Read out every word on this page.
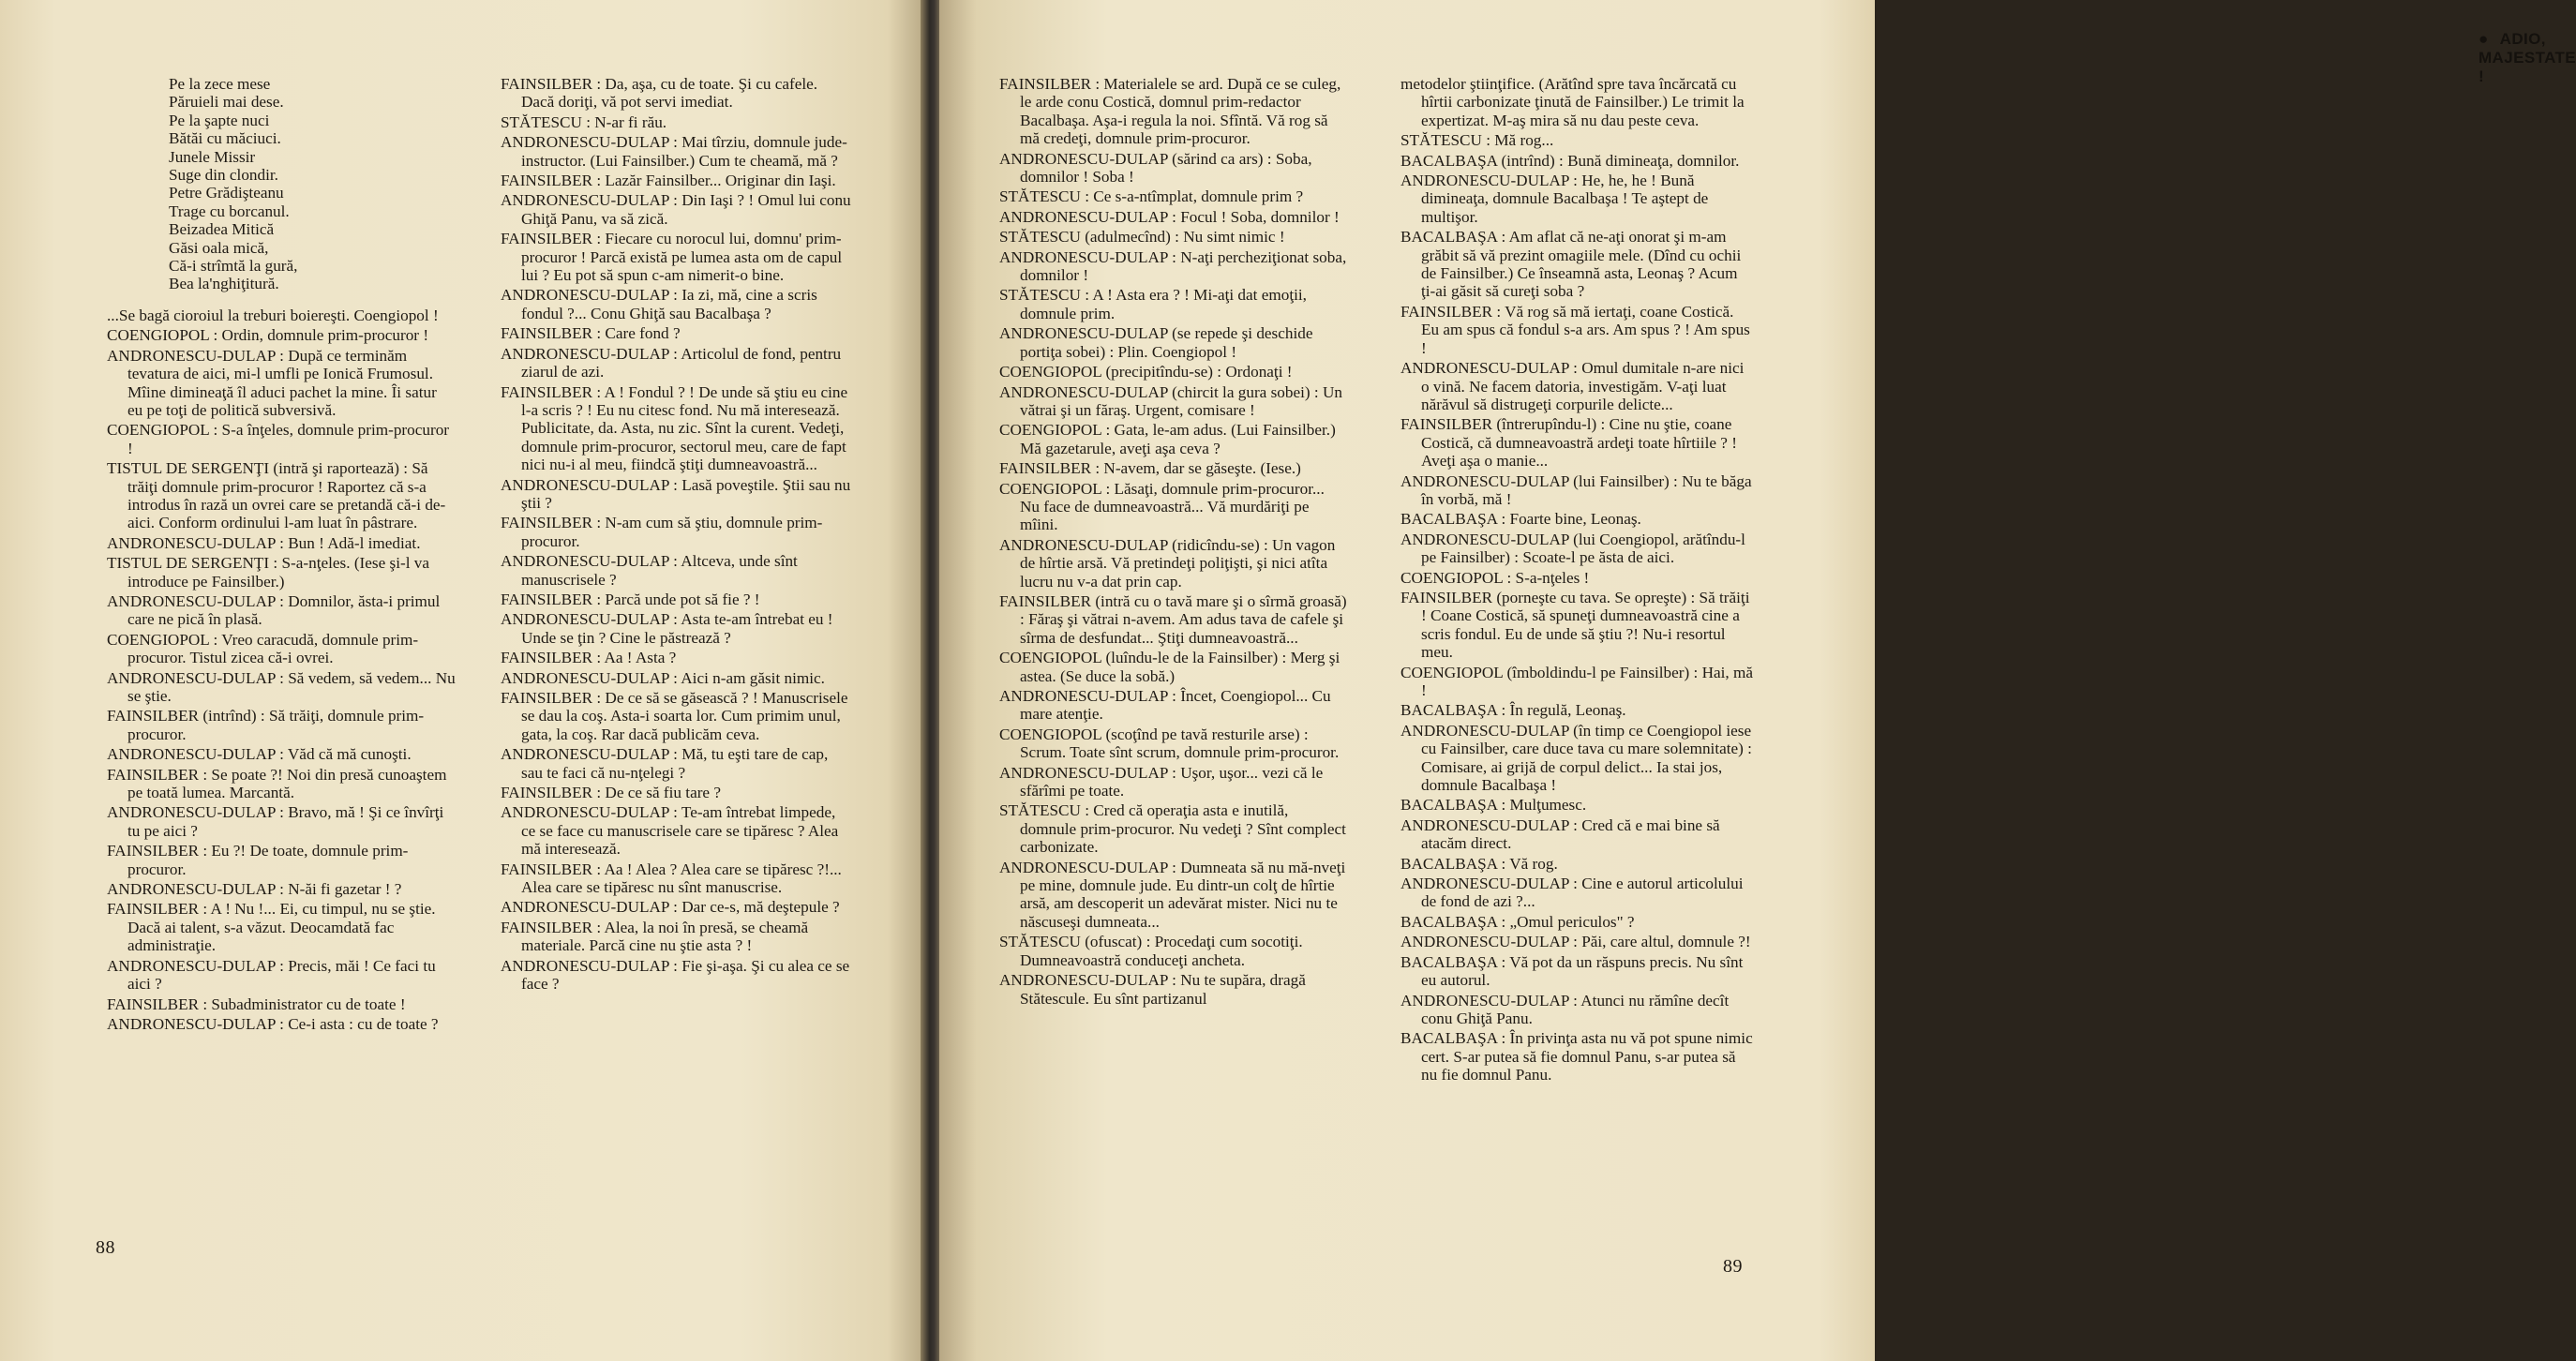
Pe la zece mese

Păruieli mai dese.

Pe la şapte nuci

Bătăi cu măciuci.

Junele Missir

Suge din clondir.

Petre Grădişteanu

Trage cu borcanul.

Beizadea Mitică

Găsi oala mică,

Că-i strîmtă la gură,

Bea la'nghiţitură.

...Se bagă cioroiul la treburi boiereşti. Coengiopol !

COENGIOPOL : Ordin, domnule prim-procuror !

ANDRONESCU-DULAP : După ce terminăm tevatura de aici, mi-l umfli pe Ionică Frumosul. Mîine dimineaţă îl aduci pachet la mine. Îi satur eu pe toţi de politică subversivă.

COENGIOPOL : S-a înţeles, domnule prim-procuror !

TISTUL DE SERGENŢI (intră şi raportează) : Să trăiţi domnule prim-procuror ! Raportez că s-a introdus în rază un ovrei care se pretandă că-i de-aici. Conform ordinului l-am luat în pâstrare.

ANDRONESCU-DULAP : Bun ! Adă-l imediat.

TISTUL DE SERGENŢI : S-a-nţeles. (Iese şi-l va introduce pe Fainsilber.)

ANDRONESCU-DULAP : Domnilor, ăsta-i primul care ne pică în plasă.

COENGIOPOL : Vreo caracudă, domnule prim-procuror. Tistul zicea că-i ovrei.

ANDRONESCU-DULAP : Să vedem, să vedem... Nu se ştie.

FAINSILBER (intrînd) : Să trăiţi, domnule prim-procuror.

ANDRONESCU-DULAP : Văd că mă cunoşti.

FAINSILBER : Se poate ?! Noi din presă cunoaştem pe toată lumea. Marcantă.

ANDRONESCU-DULAP : Bravo, mă ! Şi ce învîrţi tu pe aici ?

FAINSILBER : Eu ?! De toate, domnule prim-procuror.

ANDRONESCU-DULAP : N-ăi fi gazetar ! ?

FAINSILBER : A ! Nu !... Ei, cu timpul, nu se ştie. Dacă ai talent, s-a văzut. Deocamdată fac administraţie.

ANDRONESCU-DULAP : Precis, măi ! Ce faci tu aici ?

FAINSILBER : Subadministrator cu de toate !

ANDRONESCU-DULAP : Ce-i asta : cu de toate ?

FAINSILBER : Da, aşa, cu de toate. Şi cu cafele. Dacă doriţi, vă pot servi imediat.

STĂTESCU : N-ar fi rău.

ANDRONESCU-DULAP : Mai tîrziu, domnule jude-instructor. (Lui Fainsilber.) Cum te cheamă, mă ?

FAINSILBER : Lazăr Fainsilber... Originar din Iaşi.

ANDRONESCU-DULAP : Din Iaşi ? ! Omul lui conu Ghiţă Panu, va să zică.

FAINSILBER : Fiecare cu norocul lui, domnu' prim-procuror ! Parcă există pe lumea asta om de capul lui ? Eu pot să spun c-am nimerit-o bine.

ANDRONESCU-DULAP : Ia zi, mă, cine a scris fondul ?... Conu Ghiţă sau Bacalbaşa ?

FAINSILBER : Care fond ?

ANDRONESCU-DULAP : Articolul de fond, pentru ziarul de azi.

FAINSILBER : A ! Fondul ? ! De unde să ştiu eu cine l-a scris ? ! Eu nu citesc fond. Nu mă interesează. Publicitate, da. Asta, nu zic. Sînt la curent. Vedeţi, domnule prim-procuror, sectorul meu, care de fapt nici nu-i al meu, fiindcă ştiţi dumneavoastră...

ANDRONESCU-DULAP : Lasă poveştile. Ştii sau nu ştii ?

FAINSILBER : N-am cum să ştiu, domnule prim-procuror.

ANDRONESCU-DULAP : Altceva, unde sînt manuscrisele ?

FAINSILBER : Parcă unde pot să fie ? !

ANDRONESCU-DULAP : Asta te-am întrebat eu ! Unde se ţin ? Cine le păstrează ?

FAINSILBER : Aa ! Asta ?

ANDRONESCU-DULAP : Aici n-am găsit nimic.

FAINSILBER : De ce să se găsească ? ! Manuscrisele se dau la coş. Asta-i soarta lor. Cum primim unul, gata, la coş. Rar dacă publicăm ceva.

ANDRONESCU-DULAP : Mă, tu eşti tare de cap, sau te faci că nu-nţelegi ?

FAINSILBER : De ce să fiu tare ?

ANDRONESCU-DULAP : Te-am întrebat limpede, ce se face cu manuscrisele care se tipăresc ? Alea mă interesează.

FAINSILBER : Aa ! Alea ? Alea care se tipăresc ?!... Alea care se tipăresc nu sînt manuscrise.

ANDRONESCU-DULAP : Dar ce-s, mă deştepule ?

FAINSILBER : Alea, la noi în presă, se cheamă materiale. Parcă cine nu ştie asta ? !

ANDRONESCU-DULAP : Fie şi-aşa. Şi cu alea ce se face ?

88
● ADIO, MAJESTATE !

FAINSILBER : Materialele se ard. După ce se culeg, le arde conu Costică, domnul prim-redactor Bacalbaşa. Aşa-i regula la noi. Sfîntă. Vă rog să mă credeţi, domnule prim-procuror.

ANDRONESCU-DULAP (sărind ca ars) : Soba, domnilor ! Soba !

STĂTESCU : Ce s-a-ntîmplat, domnule prim ?

ANDRONESCU-DULAP : Focul ! Soba, domnilor !

STĂTESCU (adulmecînd) : Nu simt nimic !

ANDRONESCU-DULAP : N-aţi percheziţionat soba, domnilor !

STĂTESCU : A ! Asta era ? ! Mi-aţi dat emoţii, domnule prim.

ANDRONESCU-DULAP (se repede şi deschide portiţa sobei) : Plin. Coengiopol !

COENGIOPOL (precipitîndu-se) : Ordonaţi !

ANDRONESCU-DULAP (chircit la gura sobei) : Un vătrai şi un făraş. Urgent, comisare !

COENGIOPOL : Gata, le-am adus. (Lui Fainsilber.) Mă gazetarule, aveţi aşa ceva ?

FAINSILBER : N-avem, dar se găseşte. (Iese.)

COENGIOPOL : Lăsaţi, domnule prim-procuror... Nu face de dumneavoastră... Vă murdăriţi pe mîini.

ANDRONESCU-DULAP (ridicîndu-se) : Un vagon de hîrtie arsă. Vă pretindeţi poliţişti, şi nici atîta lucru nu v-a dat prin cap.

FAINSILBER (intră cu o tavă mare şi o sîrmă groasă) : Făraş şi vătrai n-avem. Am adus tava de cafele şi sîrma de desfundat... Ştiţi dumneavoastră...

COENGIOPOL (luîndu-le de la Fainsilber) : Merg şi astea. (Se duce la sobă.)

ANDRONESCU-DULAP : Încet, Coengiopol... Cu mare atenţie.

COENGIOPOL (scoţînd pe tavă resturile arse) : Scrum. Toate sînt scrum, domnule prim-procuror.

ANDRONESCU-DULAP : Uşor, uşor... vezi că le sfărîmi pe toate.

STĂTESCU : Cred că operaţia asta e inutilă, domnule prim-procuror. Nu vedeţi ? Sînt complect carbonizate.

ANDRONESCU-DULAP : Dumneata să nu mă-nveţi pe mine, domnule jude. Eu dintr-un colţ de hîrtie arsă, am descoperit un adevărat mister. Nici nu te născuseşi dumneata...

STĂTESCU (ofuscat) : Procedaţi cum socotiţi. Dumneavoastră conduceţi ancheta.

ANDRONESCU-DULAP : Nu te supăra, dragă Stătescule. Eu sînt partizanul

metodelor ştiinţifice. (Arătînd spre tava încărcată cu hîrtii carbonizate ţinută de Fainsilber.) Le trimit la expertizat. M-aş mira să nu dau peste ceva.

STĂTESCU : Mă rog...

BACALBAŞA (intrînd) : Bună dimineaţa, domnilor.

ANDRONESCU-DULAP : He, he, he ! Bună dimineaţa, domnule Bacalbaşa ! Te aştept de multişor.

BACALBAŞA : Am aflat că ne-aţi onorat şi m-am grăbit să vă prezint omagiile mele. (Dînd cu ochii de Fainsilber.) Ce înseamnă asta, Leonaş ? Acum ţi-ai găsit să cureţi soba ?

FAINSILBER : Vă rog să mă iertaţi, coane Costică. Eu am spus că fondul s-a ars. Am spus ? ! Am spus !

ANDRONESCU-DULAP : Omul dumitale n-are nici o vină. Ne facem datoria, investigăm. V-aţi luat nărăvul să distrugeţi corpurile delicte...

FAINSILBER (întrerupîndu-l) : Cine nu ştie, coane Costică, că dumneavoastră ardeţi toate hîrtiile ? ! Aveţi aşa o manie...

ANDRONESCU-DULAP (lui Fainsilber) : Nu te băga în vorbă, mă !

BACALBAŞA : Foarte bine, Leonaş.

ANDRONESCU-DULAP (lui Coengiopol, arătîndu-l pe Fainsilber) : Scoate-l pe ăsta de aici.

COENGIOPOL : S-a-nţeles !

FAINSILBER (porneşte cu tava. Se opreşte) : Să trăiţi ! Coane Costică, să spuneţi dumneavoastră cine a scris fondul. Eu de unde să ştiu ?! Nu-i resortul meu.

COENGIOPOL (îmboldindu-l pe Fainsilber) : Hai, mă !

BACALBAŞA : În regulă, Leonaş.

ANDRONESCU-DULAP (în timp ce Coengiopol iese cu Fainsilber, care duce tava cu mare solemnitate) : Comisare, ai grijă de corpul delict... Ia stai jos, domnule Bacalbaşa !

BACALBAŞA : Mulţumesc.

ANDRONESCU-DULAP : Cred că e mai bine să atacăm direct.

BACALBAŞA : Vă rog.

ANDRONESCU-DULAP : Cine e autorul articolului de fond de azi ?...

BACALBAŞA : „Omul periculos" ?

ANDRONESCU-DULAP : Păi, care altul, domnule ?!

BACALBAŞA : Vă pot da un răspuns precis. Nu sînt eu autorul.

ANDRONESCU-DULAP : Atunci nu rămîne decît conu Ghiţă Panu.

BACALBAŞA : În privinţa asta nu vă pot spune nimic cert. S-ar putea să fie domnul Panu, s-ar putea să nu fie domnul Panu.

89
